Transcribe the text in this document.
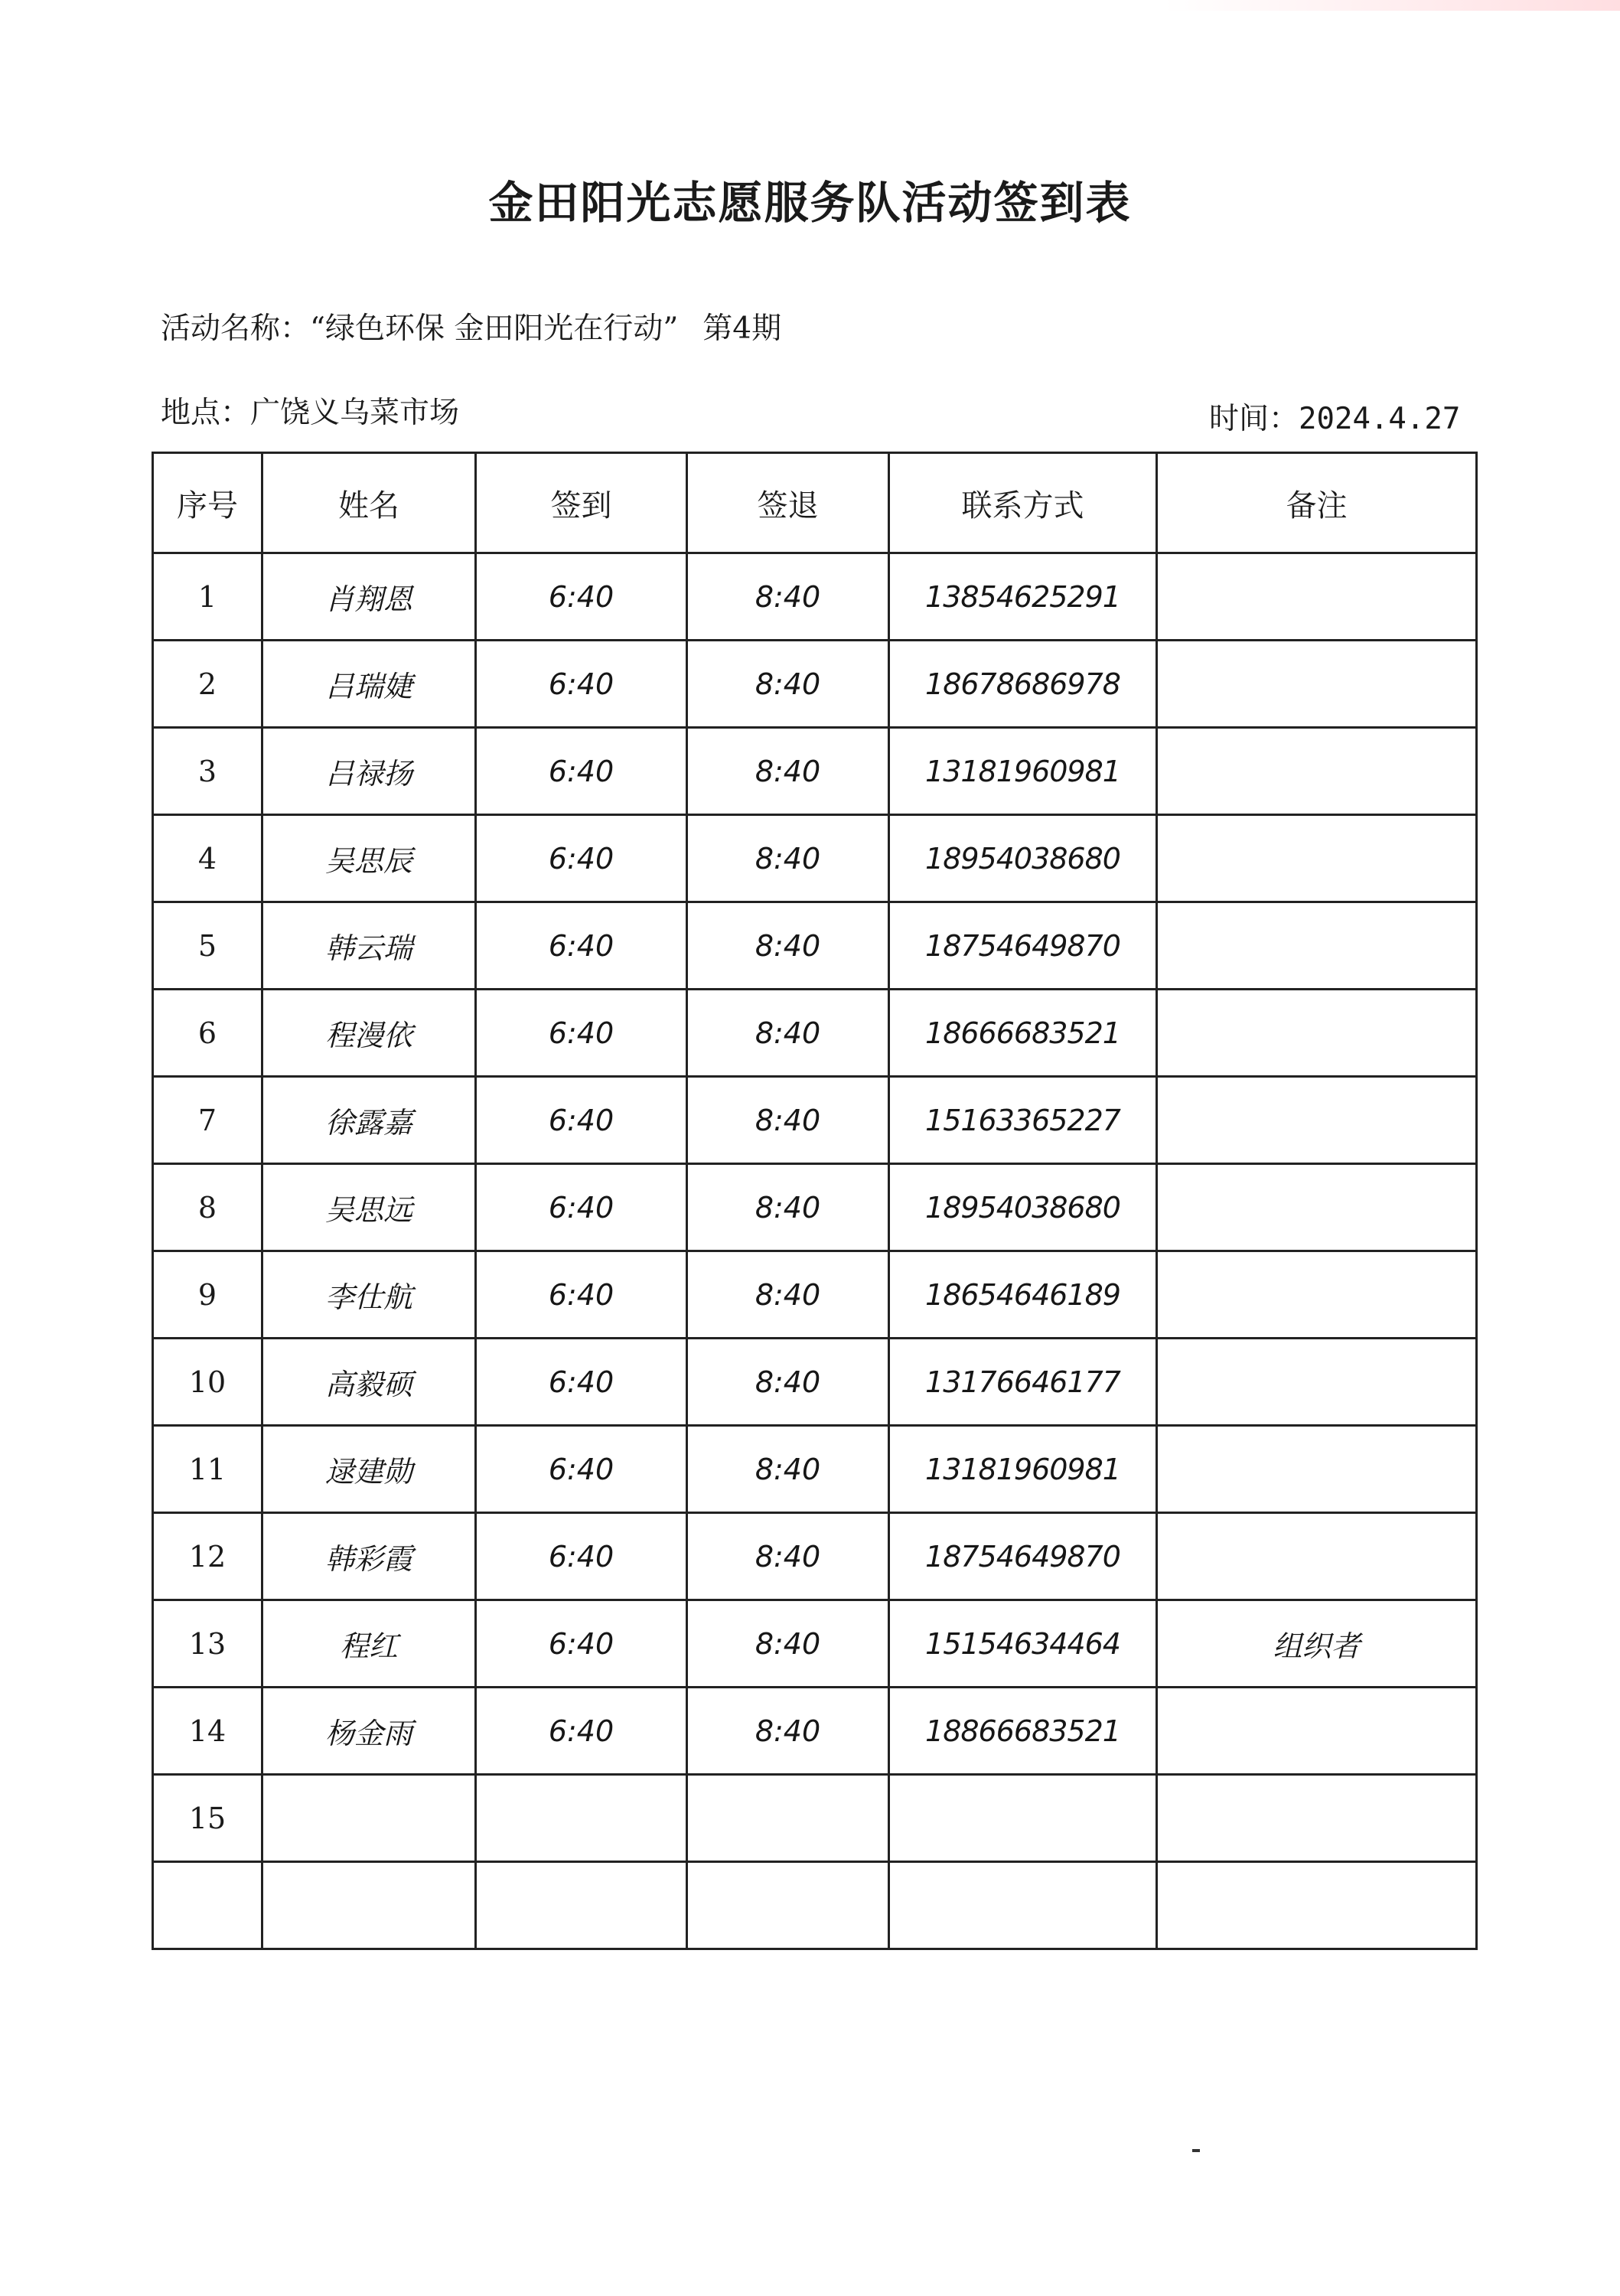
金田阳光志愿服务队活动签到表
活动名称：“绿色环保 金田阳光在行动” 第4期
地点：广饶义乌菜市场	时间：2024.4.27
序号	姓名	签到	签退	联系方式	备注
1	肖翔恩	6:40	8:40	13854625291	
2	吕瑞婕	6:40	8:40	18678686978	
3	吕禄扬	6:40	8:40	13181960981	
4	吴思辰	6:40	8:40	18954038680	
5	韩云瑞	6:40	8:40	18754649870	
6	程漫依	6:40	8:40	18666683521	
7	徐露嘉	6:40	8:40	15163365227	
8	吴思远	6:40	8:40	18954038680	
9	李仕航	6:40	8:40	18654646189	
10	高毅硕	6:40	8:40	13176646177	
11	逯建勋	6:40	8:40	13181960981	
12	韩彩霞	6:40	8:40	18754649870	
13	程红	6:40	8:40	15154634464	组织者
14	杨金雨	6:40	8:40	18866683521	
15					
